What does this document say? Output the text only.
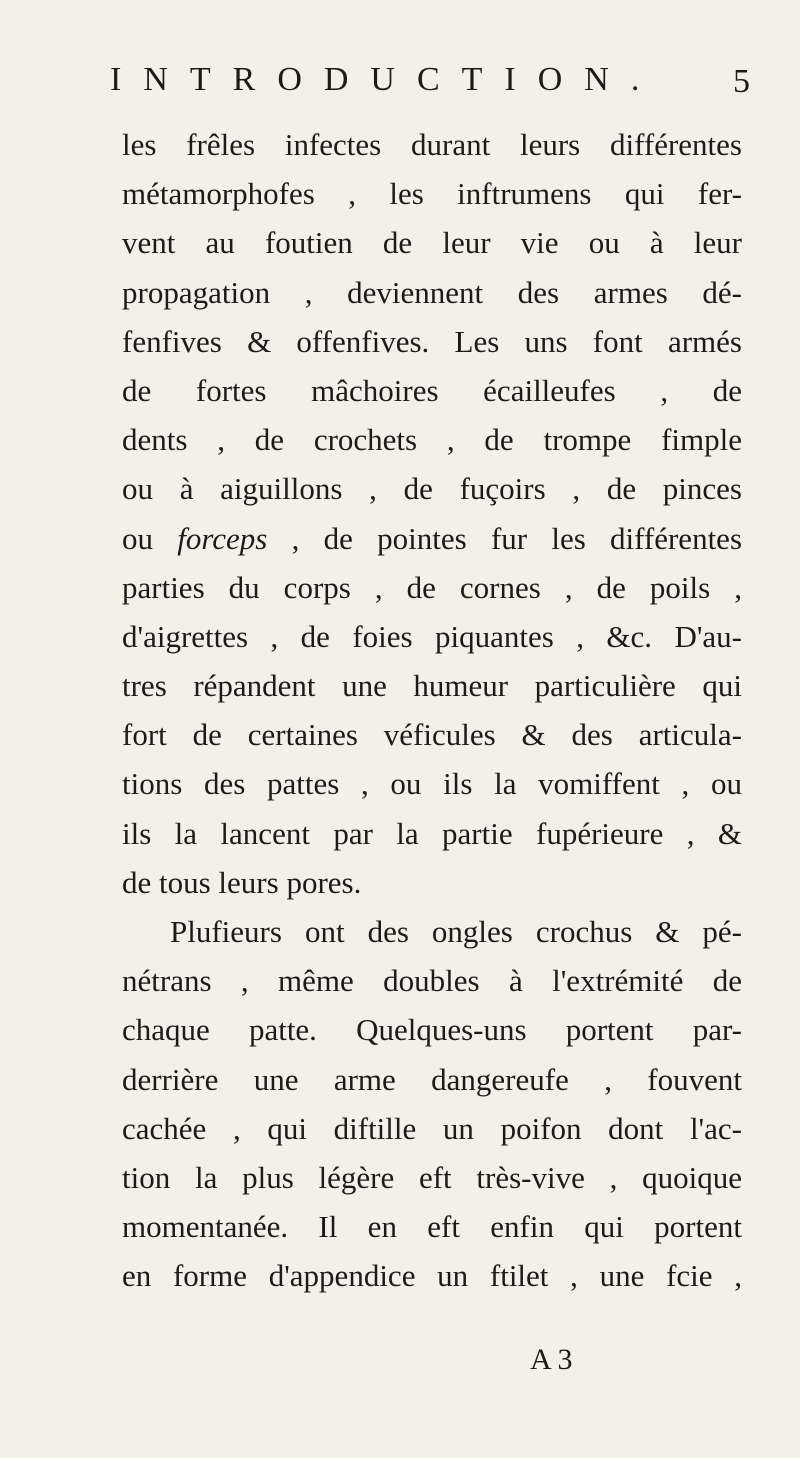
INTRODUCTION. 5
les frêles infectes durant leurs différentes
métamorphofes , les inftrumens qui fer-
vent au foutien de leur vie ou à leur
propagation , deviennent des armes dé-
fenfives & offenfives. Les uns font armés
de fortes mâchoires écailleufes , de
dents , de crochets , de trompe fimple
ou à aiguillons , de fuçoirs , de pinces
ou forceps , de pointes fur les différentes
parties du corps , de cornes , de poils ,
d'aigrettes , de foies piquantes , &c. D'au-
tres répandent une humeur particulière qui
fort de certaines véficules & des articula-
tions des pattes , ou ils la vomiffent , ou
ils la lancent par la partie fupérieure , &
de tous leurs pores.
Plufieurs ont des ongles crochus & pé-
nétrans , même doubles à l'extrémité de
chaque patte. Quelques-uns portent par-
derrière une arme dangereufe , fouvent
cachée , qui diftille un poifon dont l'ac-
tion la plus légère eft très-vive , quoique
momentanée. Il en eft enfin qui portent
en forme d'appendice un ftilet , une fcie ,
A 3
